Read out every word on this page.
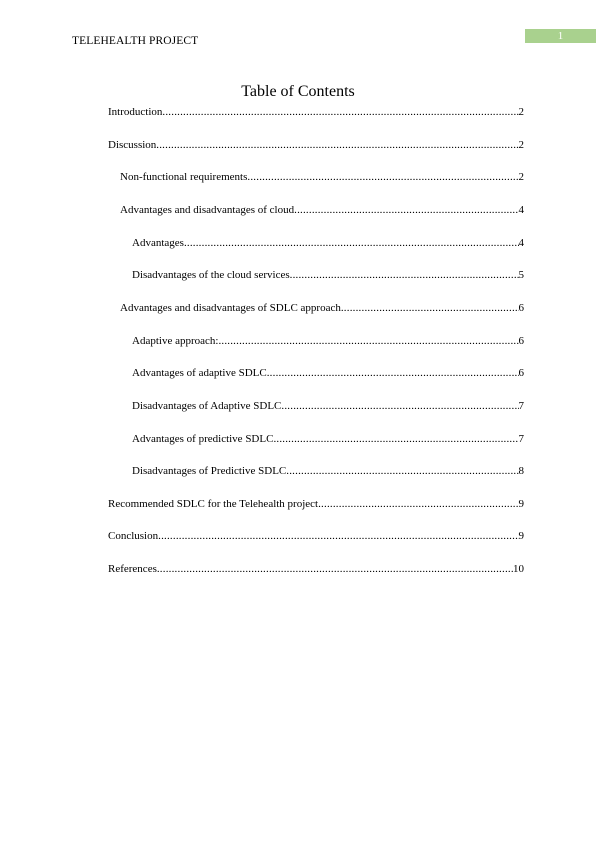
TELEHEALTH PROJECT	1
Table of Contents
Introduction .....	2
Discussion .....	2
Non-functional requirements .....	2
Advantages and disadvantages of cloud .....	4
Advantages .....	4
Disadvantages of the cloud services .....	5
Advantages and disadvantages of SDLC approach .....	6
Adaptive approach: .....	6
Advantages of adaptive SDLC .....	6
Disadvantages of Adaptive SDLC .....	7
Advantages of predictive SDLC .....	7
Disadvantages of Predictive SDLC .....	8
Recommended SDLC for the Telehealth project .....	9
Conclusion .....	9
References .....	10
